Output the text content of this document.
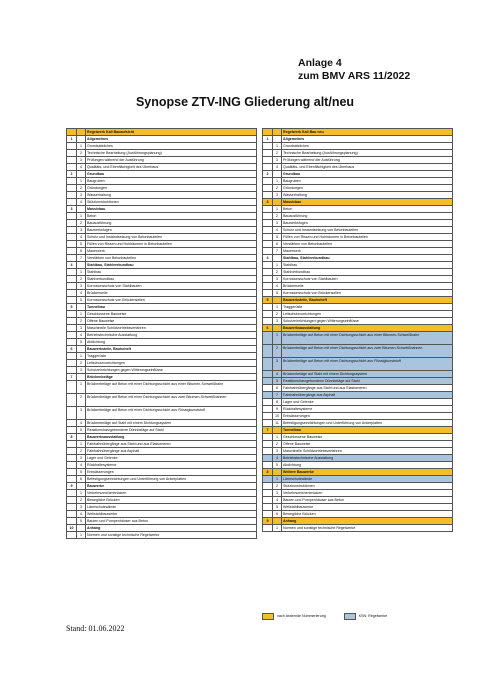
Anlage 4
zum BMV ARS 11/2022
Synopse ZTV-ING Gliederung alt/neu
		Regelwerk Kali Bauaufsicht
1		Allgemeines
	1	Grundsätzliches
	2	Technische Bearbeitung (Ausführungsplanung)
	3	Prüfungen während der Ausführung
	4	Qualitäts- und Ebenflächigkeit des Überbaus
2		Grundbau
	1	Baugruben
	2	Gründungen
	3	Wasserhaltung
	4	Stützkonstruktionen
3		Massivbau
	1	Beton
	2	Bauausführung
	3	Bauwerksfugen
	4	Schutz und Instandsetzung von Betonbauteilen
	5	Füllen von Rissen und Hohlräumen in Betonbauteilen
	6	Mauerwerk
	7	Verstärken von Betonbauteilen
4		Stahlbau, Stahlverbundbau
	1	Stahlbau
	2	Stahlverbundbau
	3	Korrosionsschutz von Stahlbauten
	4	Brückenseile
	5	Korrosionsschutz von Brückenseilen
5		Tunnelbau
	1	Geschlossene Bauweise
	2	Offene Bauweise
	3	Maschinelle Schildvortriebsverfahren
	4	Betriebstechnische Ausstattung
	5	Abdichtung
6		Bauwerksteile, Bauhoheft
	1	Traggerüste
	2	Leitschutzvorrichtungen
	3	Schutzeinrichtungen gegen Witterungseinflüsse
7		Brückenbeläge
	1	Brückenbeläge auf Beton mit einer Dichtungsschicht aus einer Bitumen-Schweißbahn
	2	Brückenbeläge auf Beton mit einer Dichtungsschicht aus zwei Bitumen-Schweißbahnen
	3	Brückenbeläge auf Beton mit einer Dichtungsschicht aus Flüssigkunststoff
	4	Brückenbeläge auf Stahl mit einem Dichtungssystem
	5	Reaktionsharzgebundene Dünnbeläge auf Stahl
8		Bauwerksausstattung
	1	Fahrbahnübergänge aus Stahl und aus Elastomeren
	2	Fahrbahnübergänge aus Asphalt
	3	Lager und Gelenke
	4	Rückhaltesysteme
	5	Entwässerungen
	6	Befestigungseinrichtungen und Unterführung von Ankerplatten
9		Bauwerke
	1	Verkehrszeichenbrücken
	2	Bewegliche Brücken
	3	Lärmschutzwände
	4	Wellstahlbauwerke
	5	Bauten und Pumpenhäuser aus Beton
10		Anhang
	1	Normen und sonstige technische Regelwerke
		Regelwerk Kali Bau neu
1		Allgemeines
	1	Grundsätzliches
	2	Technische Bearbeitung (Ausführungsplanung)
	3	Prüfungen während der Ausführung
	4	Qualitäts- und Ebenflächigkeit des Überbaus
2		Grundbau
	1	Baugruben
	2	Gründungen
	3	Wasserhaltung
3		Massivbau
	1	Beton
	2	Bauausführung
	3	Bauwerksfugen
	4	Schutz und Instandsetzung von Betonbauteilen
	5	Füllen von Rissen und Hohlräumen in Betonbauteilen
	6	Verstärken von Betonbauteilen
	7	Mauerwerk
4		Stahlbau, Stahlverbundbau
	1	Stahlbau
	2	Stahlverbundbau
	3	Korrosionsschutz von Stahlbauten
	4	Brückenseile
	5	Korrosionsschutz von Brückenseilen
5		Bauwerksteile, Bauhoheft
	1	Traggerüste
	2	Leitschutzvorrichtungen
	3	Schutzeinrichtungen gegen Witterungseinflüsse
6		Bauwerksausstattung
	1	Brückenbeläge auf Beton mit einer Dichtungsschicht aus einer Bitumen-Schweißbahn
	2	Brückenbeläge auf Beton mit einer Dichtungsschicht aus zwei Bitumen-Schweißbahnen
	3	Brückenbeläge auf Beton mit einer Dichtungsschicht aus Flüssigkunststoff
	4	Brückenbeläge auf Stahl mit einem Dichtungssystem
	5	Reaktionsharzgebundene Dünnbeläge auf Stahl
	6	Fahrbahnübergänge aus Stahl und aus Elastomeren
	7	Fahrbahnübergänge aus Asphalt
	8	Lager und Gelenke
	9	Rückhaltesysteme
	10	Entwässerungen
	11	Befestigungseinrichtungen und Unterführung von Ankerplatten
7		Tunnelbau
	1	Geschlossene Bauweise
	2	Offene Bauweise
	3	Maschinelle Schildvortriebsverfahren
	4	Betriebstechnische Ausstattung
	5	Abdichtung
8		Weitere Bauwerke
	1	Lärmschutzwände
	2	Stützkonstruktionen
	3	Verkehrszeichenbrücken
	4	Bauten und Pumpenhäuser aus Beton
	5	Wellstahlbauwerke
	6	Bewegliche Brücken
9		Anhang
	1	Normen und sonstige technische Regelwerke
nach ändernde Nummerierung	KSN: Regelwerke
Stand: 01.06.2022
